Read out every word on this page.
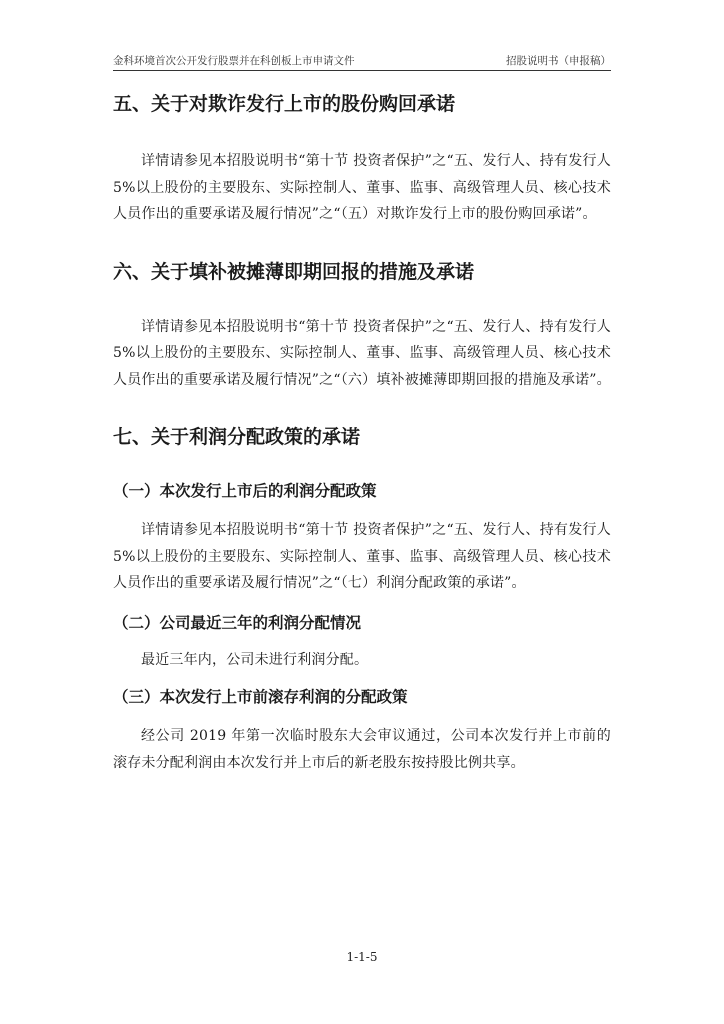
金科环境首次公开发行股票并在科创板上市申请文件	招股说明书（申报稿）
五、关于对欺诈发行上市的股份购回承诺

详情请参见本招股说明书“第十节 投资者保护”之“五、发行人、持有发行人 5%以上股份的主要股东、实际控制人、董事、监事、高级管理人员、核心技术人员作出的重要承诺及履行情况”之“（五）对欺诈发行上市的股份购回承诺”。

六、关于填补被摊薄即期回报的措施及承诺

详情请参见本招股说明书“第十节 投资者保护”之“五、发行人、持有发行人 5%以上股份的主要股东、实际控制人、董事、监事、高级管理人员、核心技术人员作出的重要承诺及履行情况”之“（六）填补被摊薄即期回报的措施及承诺”。

七、关于利润分配政策的承诺
（一）本次发行上市后的利润分配政策

详情请参见本招股说明书“第十节 投资者保护”之“五、发行人、持有发行人 5%以上股份的主要股东、实际控制人、董事、监事、高级管理人员、核心技术人员作出的重要承诺及履行情况”之“（七）利润分配政策的承诺”。

（二）公司最近三年的利润分配情况

最近三年内，公司未进行利润分配。

（三）本次发行上市前滚存利润的分配政策

经公司 2019 年第一次临时股东大会审议通过，公司本次发行并上市前的滚存未分配利润由本次发行并上市后的新老股东按持股比例共享。

1-1-5
